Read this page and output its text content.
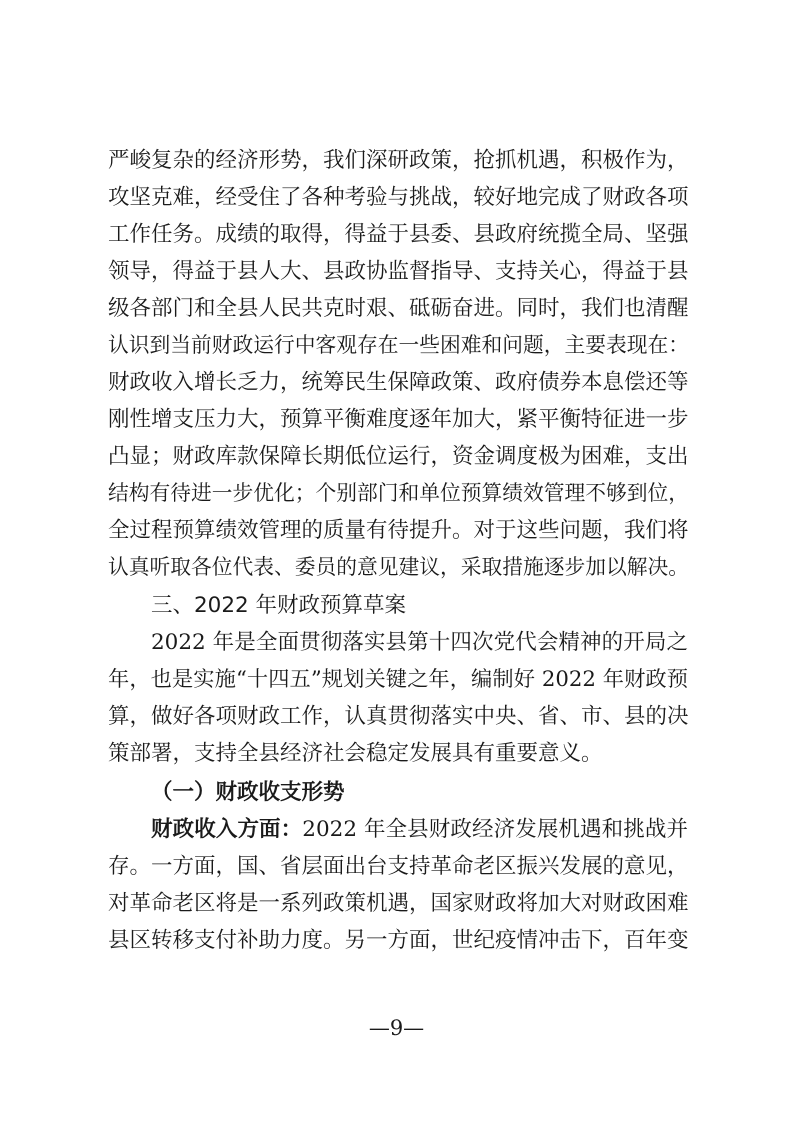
严峻复杂的经济形势，我们深研政策，抢抓机遇，积极作为，
攻坚克难，经受住了各种考验与挑战，较好地完成了财政各项
工作任务。成绩的取得，得益于县委、县政府统揽全局、坚强
领导，得益于县人大、县政协监督指导、支持关心，得益于县
级各部门和全县人民共克时艰、砥砺奋进。同时，我们也清醒
认识到当前财政运行中客观存在一些困难和问题，主要表现在：
财政收入增长乏力，统筹民生保障政策、政府债券本息偿还等
刚性增支压力大，预算平衡难度逐年加大，紧平衡特征进一步
凸显；财政库款保障长期低位运行，资金调度极为困难，支出
结构有待进一步优化；个别部门和单位预算绩效管理不够到位，
全过程预算绩效管理的质量有待提升。对于这些问题，我们将
认真听取各位代表、委员的意见建议，采取措施逐步加以解决。
三、2022 年财政预算草案
2022 年是全面贯彻落实县第十四次党代会精神的开局之
年，也是实施“十四五”规划关键之年，编制好 2022 年财政预
算，做好各项财政工作，认真贯彻落实中央、省、市、县的决
策部署，支持全县经济社会稳定发展具有重要意义。
（一）财政收支形势
财政收入方面：2022 年全县财政经济发展机遇和挑战并
存。一方面，国、省层面出台支持革命老区振兴发展的意见，
对革命老区将是一系列政策机遇，国家财政将加大对财政困难
县区转移支付补助力度。另一方面，世纪疫情冲击下，百年变
—9—
